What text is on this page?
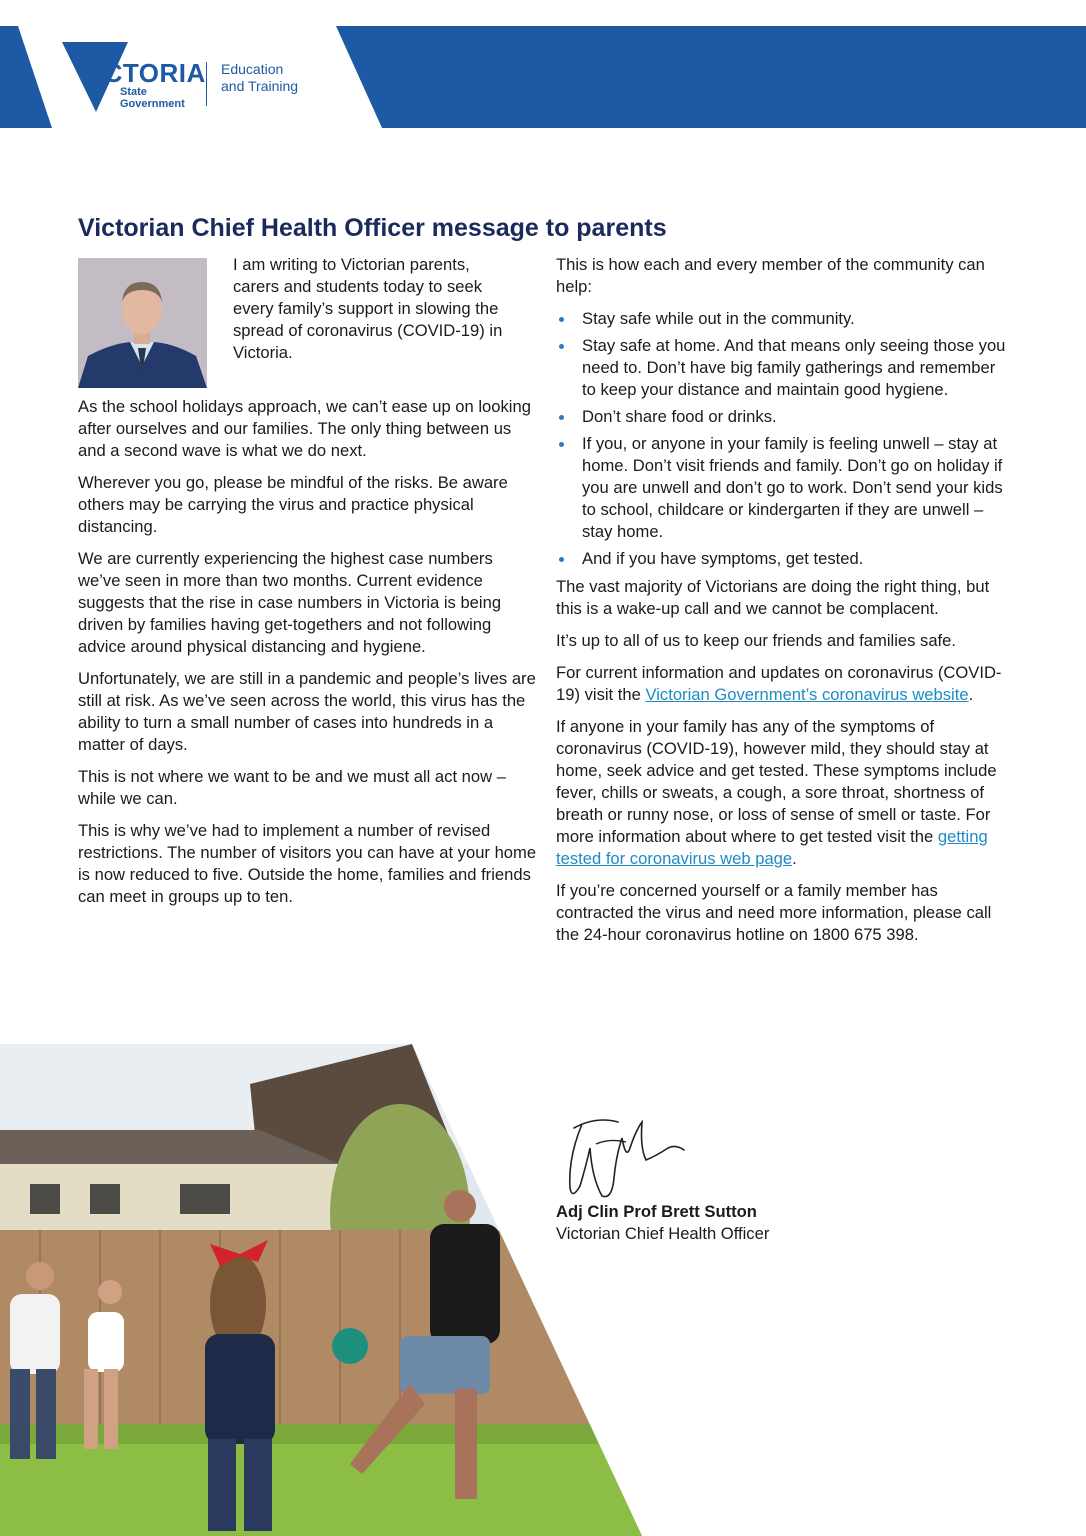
VICTORIA
State
Government
Education
and Training
Victorian Chief Health Officer message to parents
I am writing to Victorian parents, carers and students today to seek every family’s support in slowing the spread of coronavirus (COVID-19) in Victoria.

As the school holidays approach, we can’t ease up on looking after ourselves and our families. The only thing between us and a second wave is what we do next.

Wherever you go, please be mindful of the risks. Be aware others may be carrying the virus and practice physical distancing.

We are currently experiencing the highest case numbers we’ve seen in more than two months. Current evidence suggests that the rise in case numbers in Victoria is being driven by families having get-togethers and not following advice around physical distancing and hygiene.

Unfortunately, we are still in a pandemic and people’s lives are still at risk. As we’ve seen across the world, this virus has the ability to turn a small number of cases into hundreds in a matter of days.

This is not where we want to be and we must all act now – while we can.

This is why we’ve had to implement a number of revised restrictions. The number of visitors you can have at your home is now reduced to five. Outside the home, families and friends can meet in groups up to ten.

This is how each and every member of the community can help:

Stay safe while out in the community.
Stay safe at home. And that means only seeing those you need to. Don’t have big family gatherings and remember to keep your distance and maintain good hygiene.
Don’t share food or drinks.
If you, or anyone in your family is feeling unwell – stay at home. Don’t visit friends and family. Don’t go on holiday if you are unwell and don’t go to work. Don’t send your kids to school, childcare or kindergarten if they are unwell – stay home.
And if you have symptoms, get tested.

The vast majority of Victorians are doing the right thing, but this is a wake-up call and we cannot be complacent.

It’s up to all of us to keep our friends and families safe.

For current information and updates on coronavirus (COVID-19) visit the Victorian Government’s coronavirus website.

If anyone in your family has any of the symptoms of coronavirus (COVID-19), however mild, they should stay at home, seek advice and get tested. These symptoms include fever, chills or sweats, a cough, a sore throat, shortness of breath or runny nose, or loss of sense of smell or taste. For more information about where to get tested visit the getting tested for coronavirus web page.

If you’re concerned yourself or a family member has contracted the virus and need more information, please call the 24-hour coronavirus hotline on 1800 675 398.

Adj Clin Prof Brett Sutton
Victorian Chief Health Officer
